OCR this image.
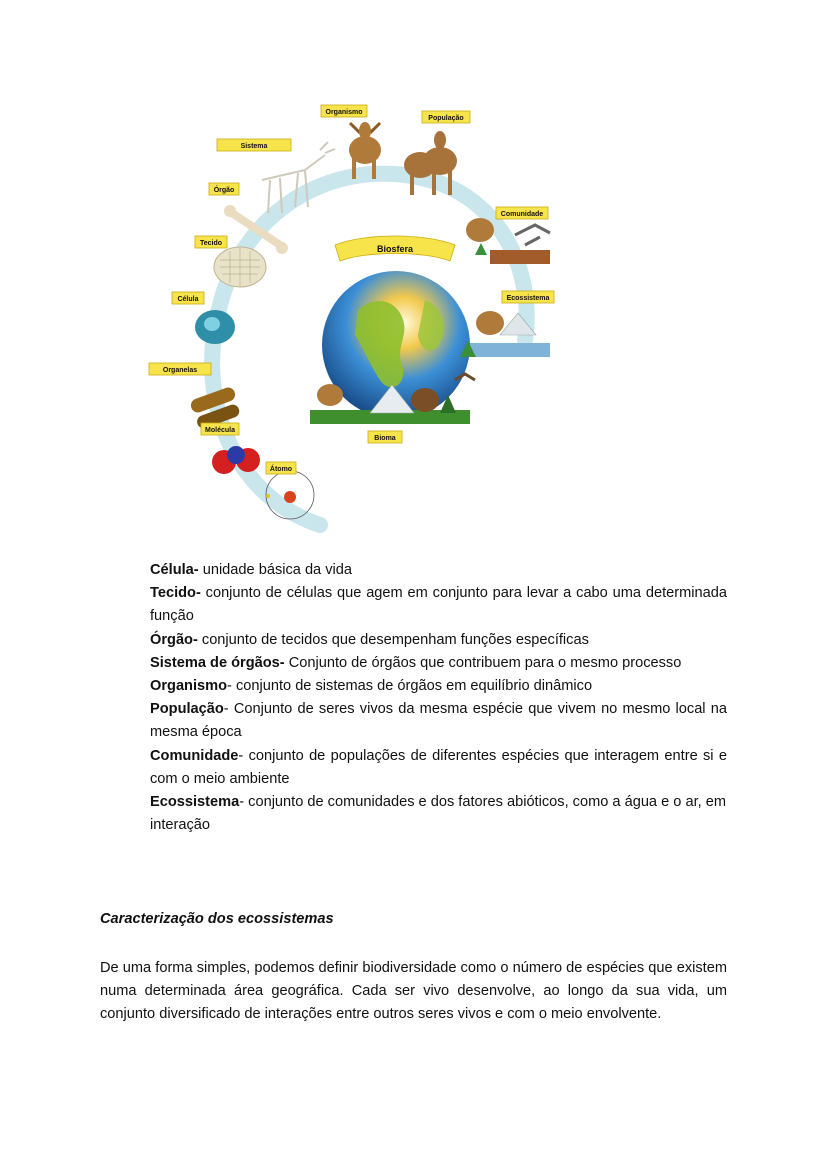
Biosfera
Organismo
População
Sistema
Órgão
Tecido
Célula
Organelas
Molécula
Átomo
Comunidade
Ecossistema
Bioma

Célula- unidade básica da vida

Tecido- conjunto de células que agem em conjunto para levar a cabo uma determinada função

Órgão- conjunto de tecidos que desempenham funções específicas

Sistema de órgãos- Conjunto de órgãos que contribuem para o mesmo processo

Organismo- conjunto de sistemas de órgãos em equilíbrio dinâmico

População- Conjunto de seres vivos da mesma espécie que vivem no mesmo local na mesma época

Comunidade- conjunto de populações de diferentes espécies que interagem entre si e com o meio ambiente

Ecossistema- conjunto de comunidades e dos fatores abióticos, como a água e o ar, em interação

Caracterização dos ecossistemas

De uma forma simples, podemos definir biodiversidade como o número de espécies que existem numa determinada área geográfica. Cada ser vivo desenvolve, ao longo da sua vida, um conjunto diversificado de interações entre outros seres vivos e com o meio envolvente.
